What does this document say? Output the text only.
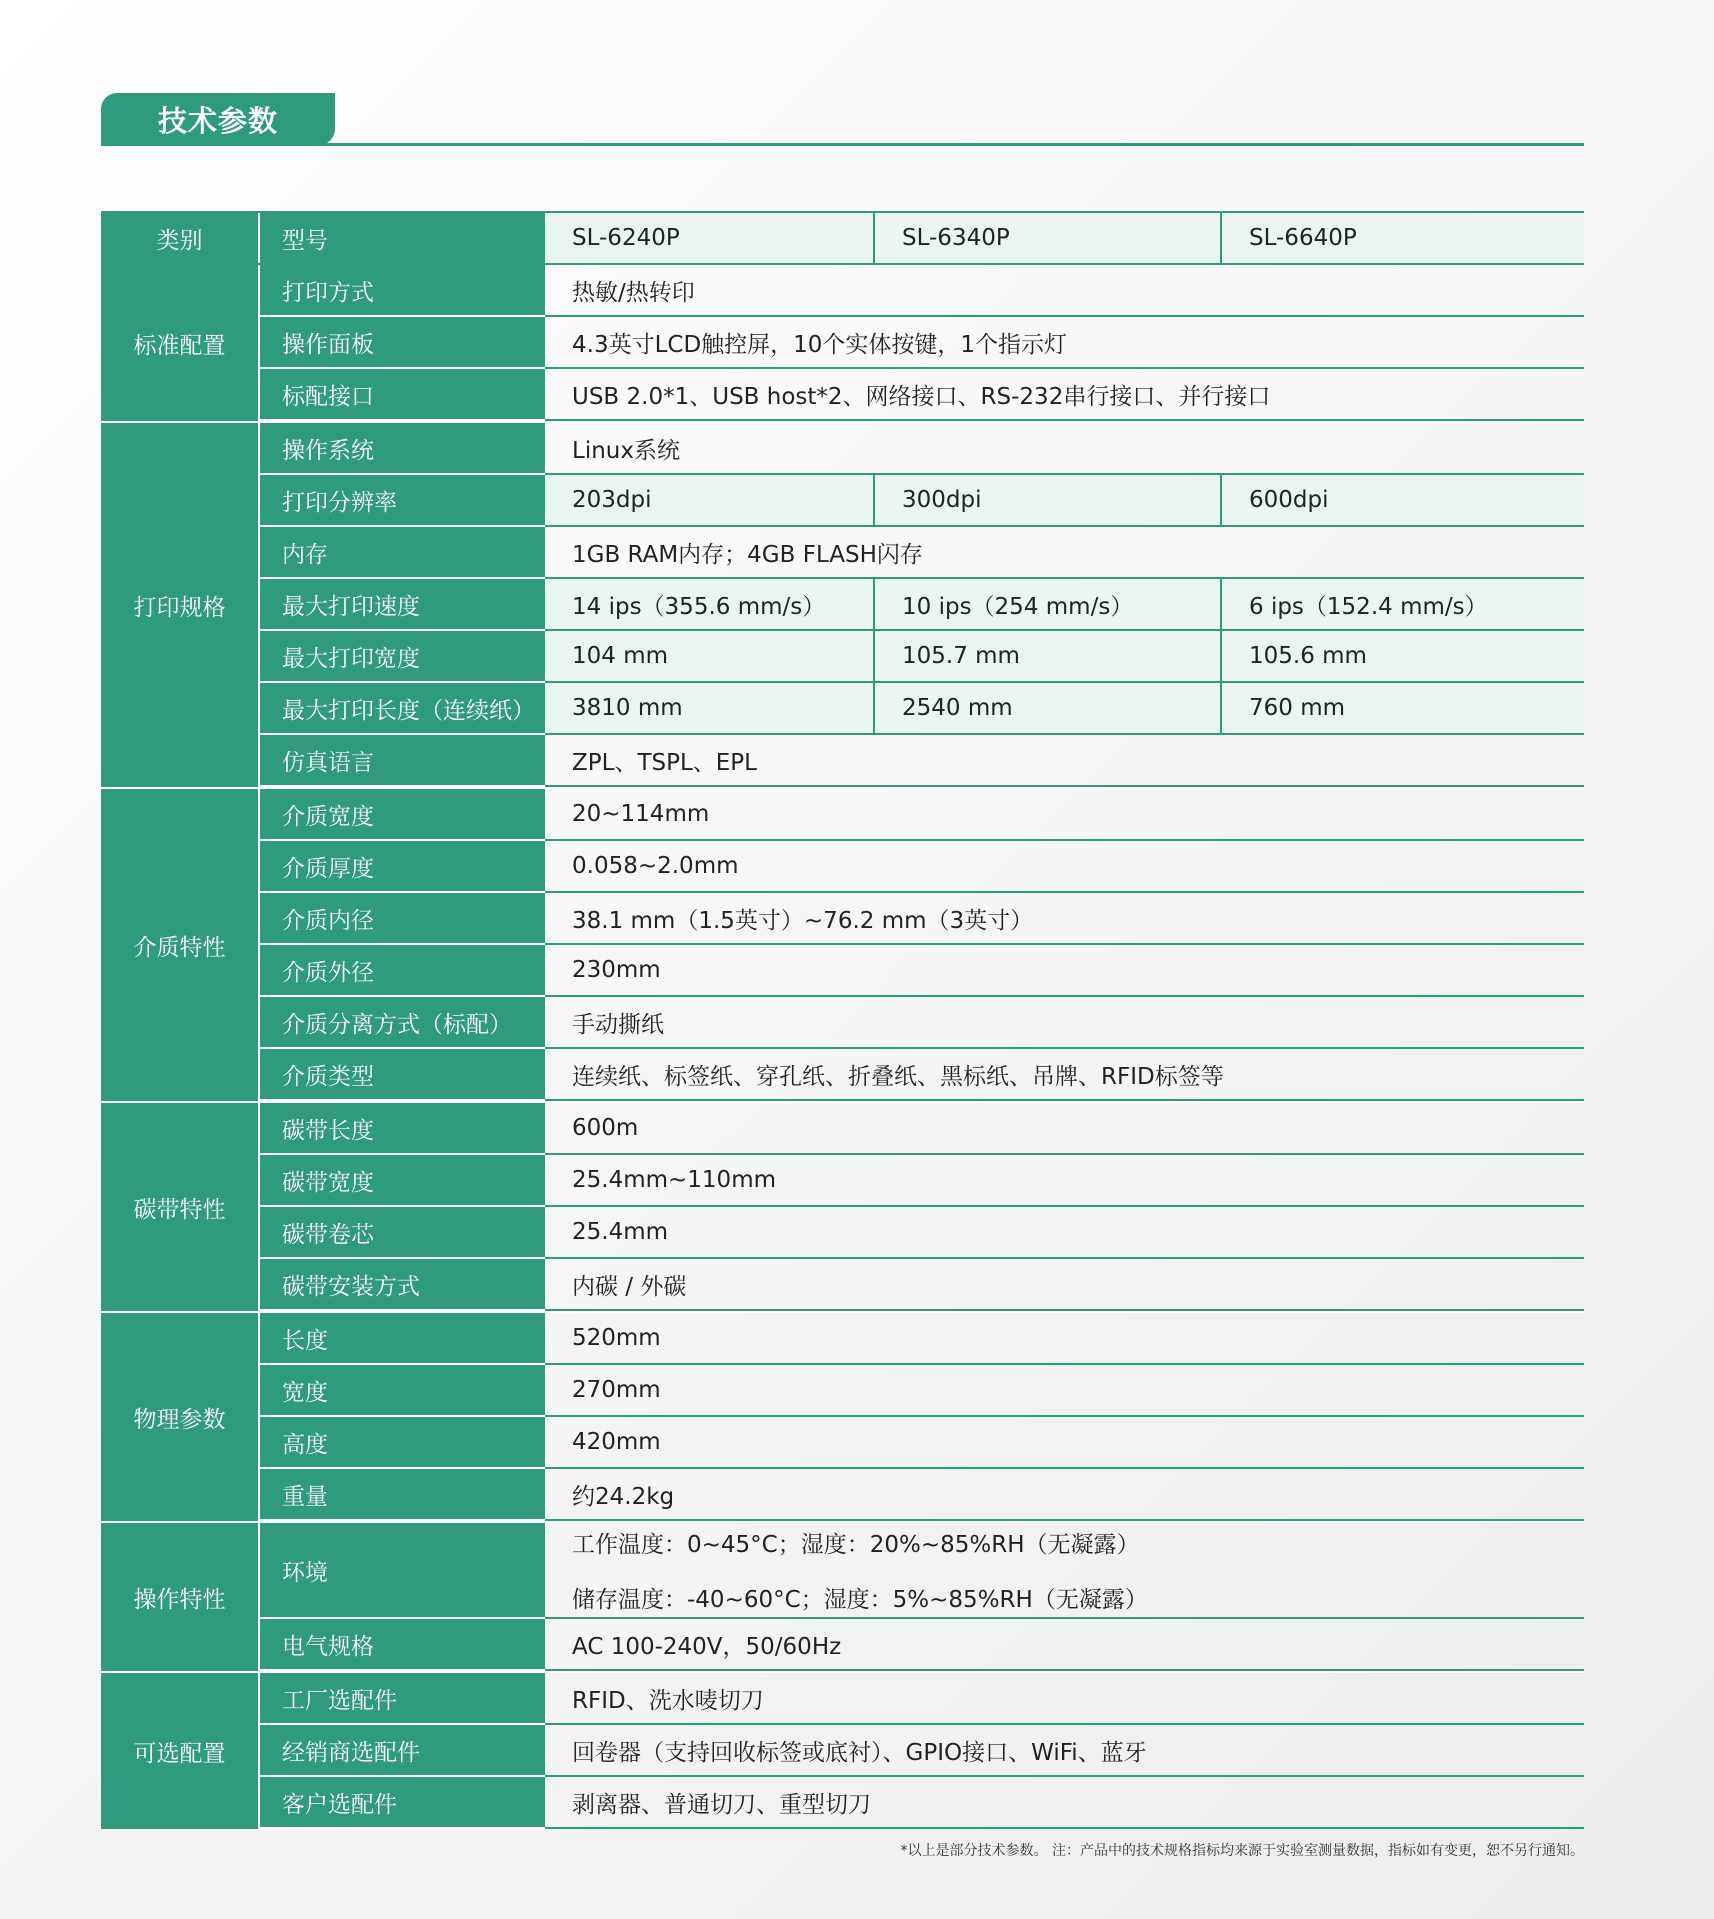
技术参数
类别	型号	SL-6240P	SL-6340P	SL-6640P
标准配置
打印方式	热敏/热转印
操作面板	4.3英寸LCD触控屏，10个实体按键，1个指示灯
标配接口	USB 2.0*1、USB host*2、网络接口、RS-232串行接口、并行接口
打印规格
操作系统	Linux系统
打印分辨率	203dpi	300dpi	600dpi
内存	1GB RAM内存；4GB FLASH闪存
最大打印速度	14 ips（355.6 mm/s）	10 ips（254 mm/s）	6 ips（152.4 mm/s）
最大打印宽度	104 mm	105.7 mm	105.6 mm
最大打印长度（连续纸）	3810 mm	2540 mm	760 mm
仿真语言	ZPL、TSPL、EPL
介质特性
介质宽度	20~114mm
介质厚度	0.058~2.0mm
介质内径	38.1 mm（1.5英寸）~76.2 mm（3英寸）
介质外径	230mm
介质分离方式（标配）	手动撕纸
介质类型	连续纸、标签纸、穿孔纸、折叠纸、黑标纸、吊牌、RFID标签等
碳带特性
碳带长度	600m
碳带宽度	25.4mm~110mm
碳带卷芯	25.4mm
碳带安装方式	内碳 / 外碳
物理参数
长度	520mm
宽度	270mm
高度	420mm
重量	约24.2kg
操作特性
环境
工作温度：0~45°C；湿度：20%~85%RH（无凝露）
储存温度：-40~60°C；湿度：5%~85%RH（无凝露）
电气规格	AC 100-240V，50/60Hz
可选配置
工厂选配件	RFID、洗水唛切刀
经销商选配件	回卷器（支持回收标签或底衬）、GPIO接口、WiFi、蓝牙
客户选配件	剥离器、普通切刀、重型切刀
*以上是部分技术参数。 注：产品中的技术规格指标均来源于实验室测量数据，指标如有变更，恕不另行通知。
